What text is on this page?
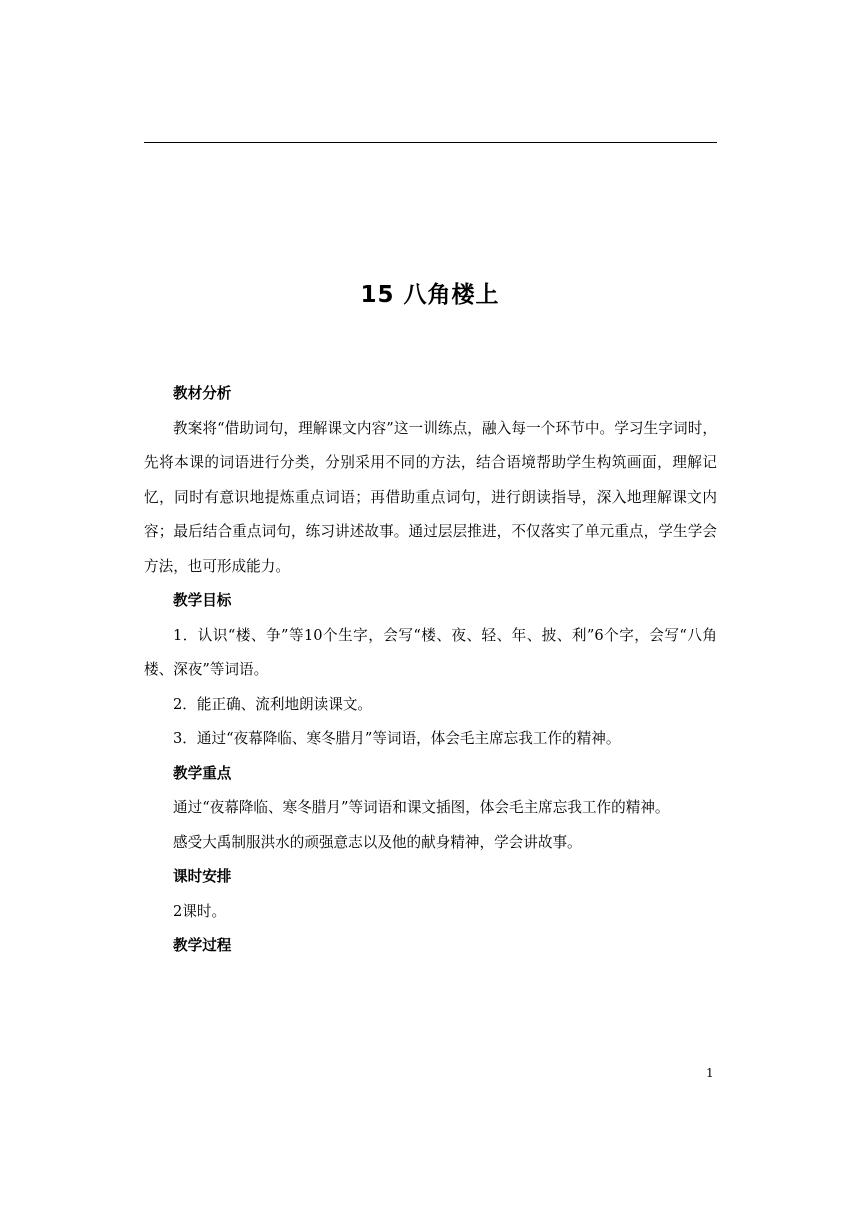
15 八角楼上

教材分析

教案将“借助词句，理解课文内容”这一训练点，融入每一个环节中。学习生字词时，先将本课的词语进行分类，分别采用不同的方法，结合语境帮助学生构筑画面，理解记忆，同时有意识地提炼重点词语；再借助重点词句，进行朗读指导，深入地理解课文内容；最后结合重点词句，练习讲述故事。通过层层推进，不仅落实了单元重点，学生学会方法，也可形成能力。

教学目标

1．认识“楼、争”等10个生字，会写“楼、夜、轻、年、披、利”6个字，会写“八角楼、深夜”等词语。

2．能正确、流利地朗读课文。

3．通过“夜幕降临、寒冬腊月”等词语，体会毛主席忘我工作的精神。

教学重点

通过“夜幕降临、寒冬腊月”等词语和课文插图，体会毛主席忘我工作的精神。

感受大禹制服洪水的顽强意志以及他的献身精神，学会讲故事。

课时安排

2课时。

教学过程

1
